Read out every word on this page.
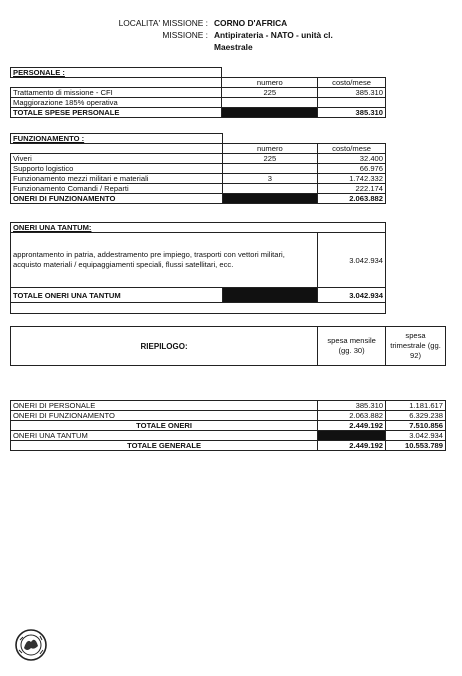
LOCALITA' MISSIONE : CORNO D'AFRICA
MISSIONE : Antipirateria - NATO - unità cl.
Maestrale
PERSONALE :		
	numero	costo/mese
Trattamento di missione - CFI	225	385.310
Maggiorazione 185% operativa		
TOTALE SPESE PERSONALE		385.310
FUNZIONAMENTO :		
	numero	costo/mese
Viveri	225	32.400
Supporto logistico		66.976
Funzionamento mezzi militari e materiali	3	1.742.332
Funzionamento Comandi / Reparti		222.174
ONERI DI FUNZIONAMENTO		2.063.882
ONERI UNA TANTUM:		
approntamento in patria, addestramento pre impiego, trasporti con vettori militari, acquisto materiali / equipaggiamenti speciali, flussi satellitari, ecc.		3.042.934
TOTALE ONERI UNA TANTUM		3.042.934

RIEPILOGO:	spesa mensile (gg. 30)	spesa trimestrale (gg. 92)
ONERI DI PERSONALE	385.310	1.181.617
ONERI DI FUNZIONAMENTO	2.063.882	6.329.238
TOTALE ONERI	2.449.192	7.510.856
ONERI UNA TANTUM		3.042.934
TOTALE GENERALE	2.449.192	10.553.789
